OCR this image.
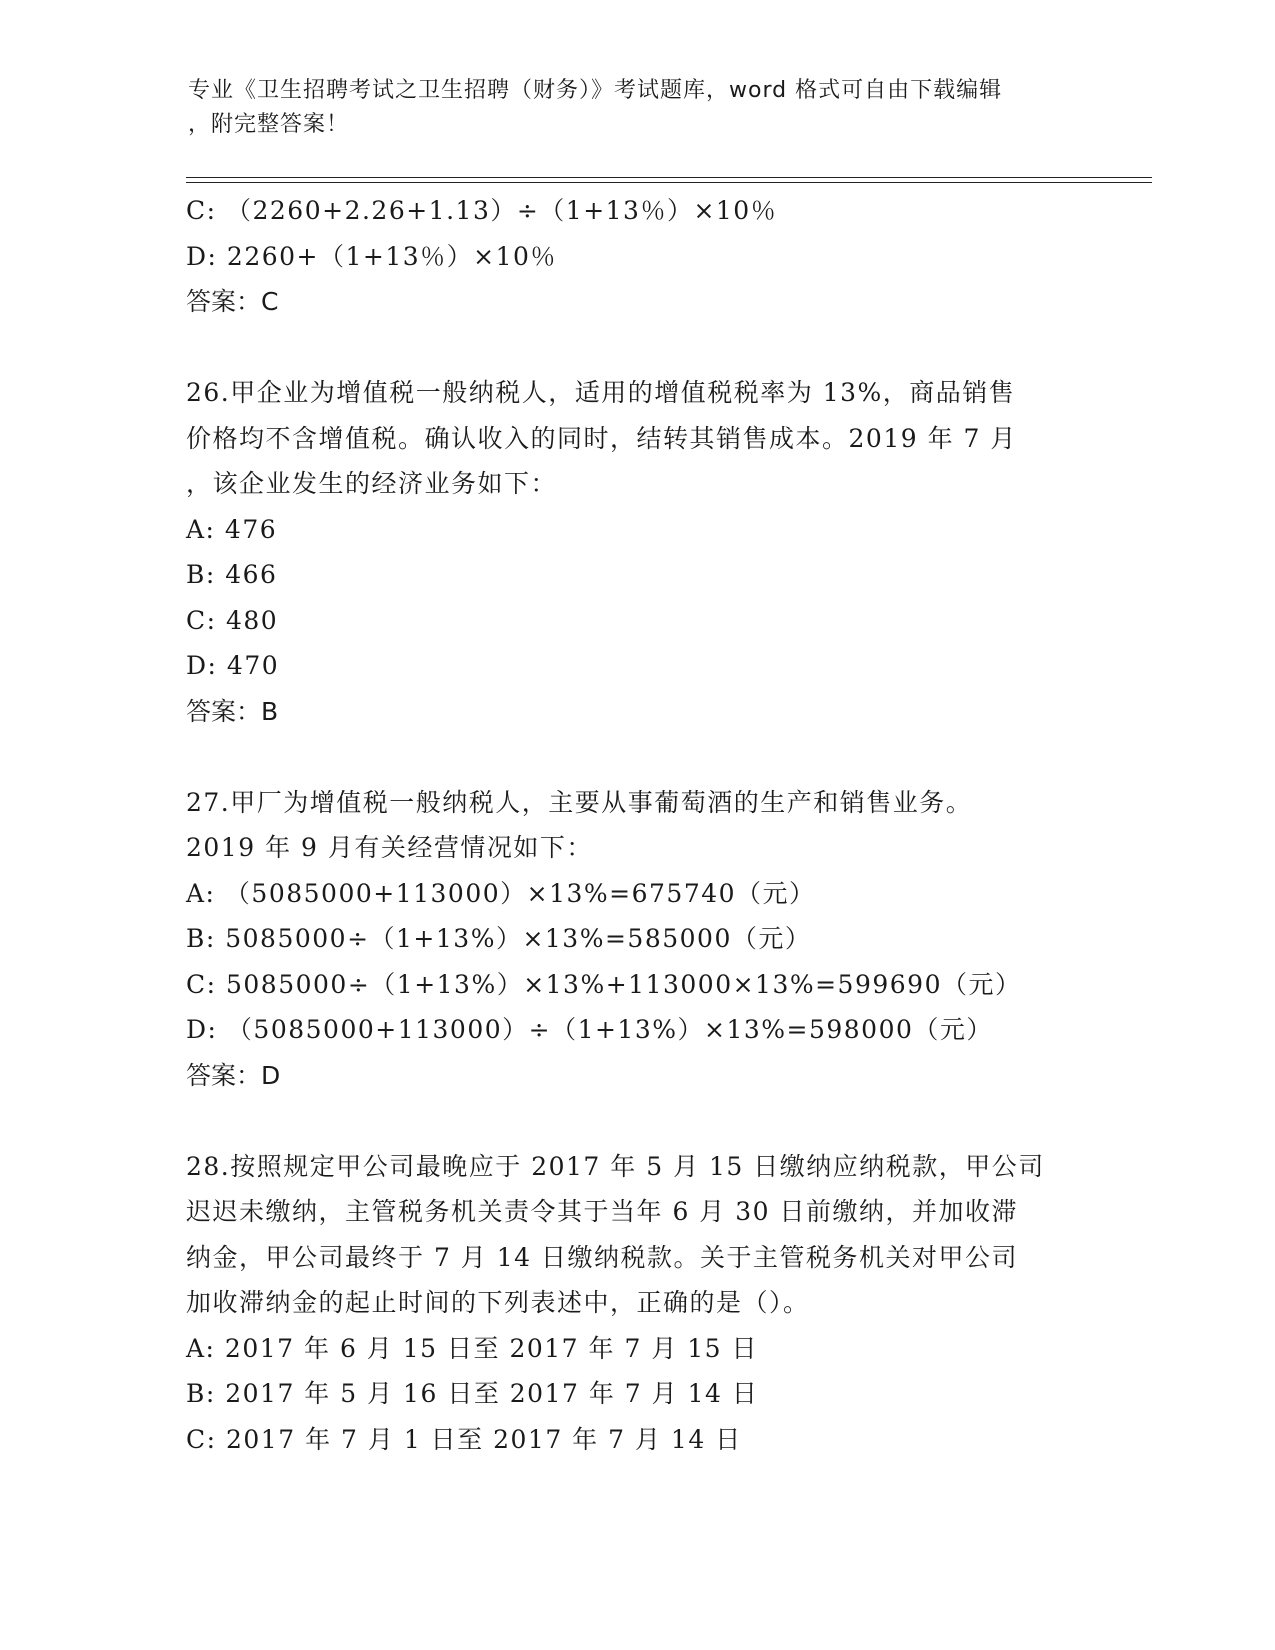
专业《卫生招聘考试之卫生招聘（财务）》考试题库，word 格式可自由下载编辑
，附完整答案！
C: （2260+2.26+1.13）÷（1+13％）×10％
D: 2260+（1+13％）×10％
答案：C
26.甲企业为增值税一般纳税人，适用的增值税税率为 13%，商品销售
价格均不含增值税。确认收入的同时，结转其销售成本。2019 年 7 月
，该企业发生的经济业务如下：
A: 476
B: 466
C: 480
D: 470
答案：B
27.甲厂为增值税一般纳税人，主要从事葡萄酒的生产和销售业务。
2019 年 9 月有关经营情况如下：
A: （5085000+113000）×13%=675740（元）
B: 5085000÷（1+13%）×13%=585000（元）
C: 5085000÷（1+13%）×13%+113000×13%=599690（元）
D: （5085000+113000）÷（1+13%）×13%=598000（元）
答案：D
28.按照规定甲公司最晚应于 2017 年 5 月 15 日缴纳应纳税款，甲公司
迟迟未缴纳，主管税务机关责令其于当年 6 月 30 日前缴纳，并加收滞
纳金，甲公司最终于 7 月 14 日缴纳税款。关于主管税务机关对甲公司
加收滞纳金的起止时间的下列表述中，正确的是（）。
A: 2017 年 6 月 15 日至 2017 年 7 月 15 日
B: 2017 年 5 月 16 日至 2017 年 7 月 14 日
C: 2017 年 7 月 1 日至 2017 年 7 月 14 日
